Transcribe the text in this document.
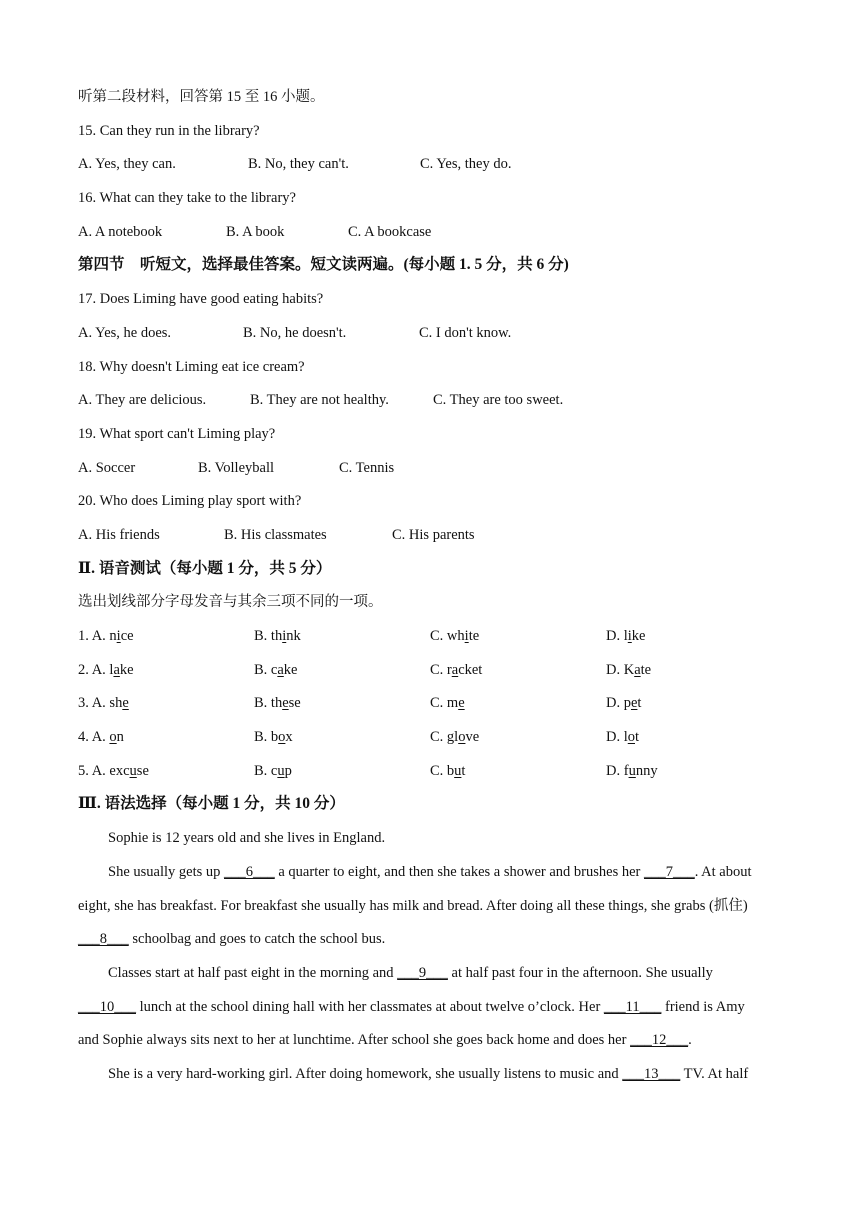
听第二段材料，回答第 15 至 16 小题。
15. Can they run in the library?
A. Yes, they can.	B. No, they can't.	C. Yes, they do.
16. What can they take to the library?
A. A notebook	B. A book	C. A bookcase
第四节　听短文，选择最佳答案。短文读两遍。(每小题 1. 5 分，共 6 分)
17. Does Liming have good eating habits?
A. Yes, he does.	B. No, he doesn't.	C. I don't know.
18. Why doesn't Liming eat ice cream?
A. They are delicious.	B. They are not healthy.	C. They are too sweet.
19. What sport can't Liming play?
A. Soccer	B. Volleyball	C. Tennis
20. Who does Liming play sport with?
A. His friends	B. His classmates	C. His parents
Ⅱ. 语音测试（每小题 1 分，共 5 分）
选出划线部分字母发音与其余三项不同的一项。
1. A. nice	B. think	C. white	D. like
2. A. lake	B. cake	C. racket	D. Kate
3. A. she	B. these	C. me	D. pet
4. A. on	B. box	C. glove	D. lot
5. A. excuse	B. cup	C. but	D. funny
Ⅲ. 语法选择（每小题 1 分，共 10 分）
Sophie is 12 years old and she lives in England.
She usually gets up ___6___ a quarter to eight, and then she takes a shower and brushes her ___7___. At about
eight, she has breakfast. For breakfast she usually has milk and bread. After doing all these things, she grabs (抓住)
___8___ schoolbag and goes to catch the school bus.
Classes start at half past eight in the morning and ___9___ at half past four in the afternoon. She usually
___10___ lunch at the school dining hall with her classmates at about twelve o’clock. Her ___11___ friend is Amy
and Sophie always sits next to her at lunchtime. After school she goes back home and does her ___12___.
She is a very hard-working girl. After doing homework, she usually listens to music and ___13___ TV. At half
